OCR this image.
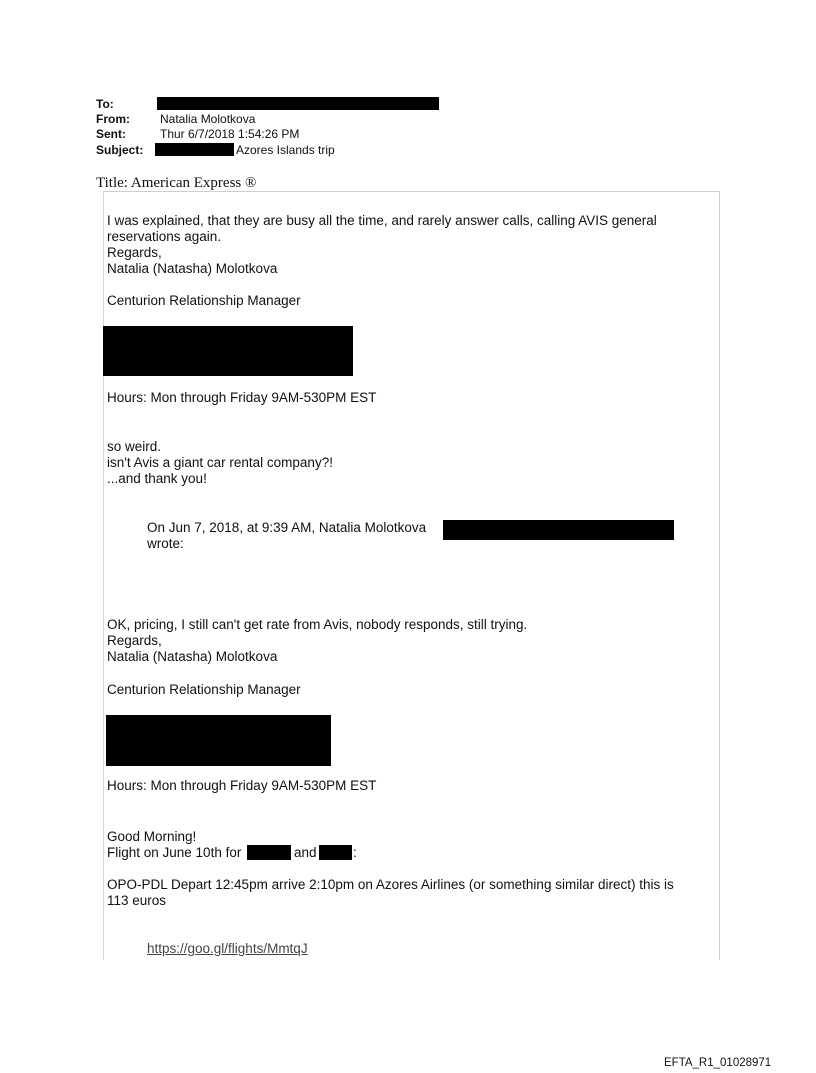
To:
From:	Natalia Molotkova
Sent:	Thur 6/7/2018 1:54:26 PM
Subject:	Azores Islands trip
Title: American Express ®
I was explained, that they are busy all the time, and rarely answer calls, calling AVIS general
reservations again.
Regards,
Natalia (Natasha) Molotkova
Centurion Relationship Manager
Hours: Mon through Friday 9AM-530PM EST
so weird.
isn't Avis a giant car rental company?!
...and thank you!
On Jun 7, 2018, at 9:39 AM, Natalia Molotkova
wrote:
OK, pricing, I still can't get rate from Avis, nobody responds, still trying.
Regards,
Natalia (Natasha) Molotkova
Centurion Relationship Manager
Hours: Mon through Friday 9AM-530PM EST
Good Morning!
Flight on June 10th for	and	:
OPO-PDL Depart 12:45pm arrive 2:10pm on Azores Airlines (or something similar direct) this is
113 euros
https://goo.gl/flights/MmtqJ
EFTA_R1_01028971
